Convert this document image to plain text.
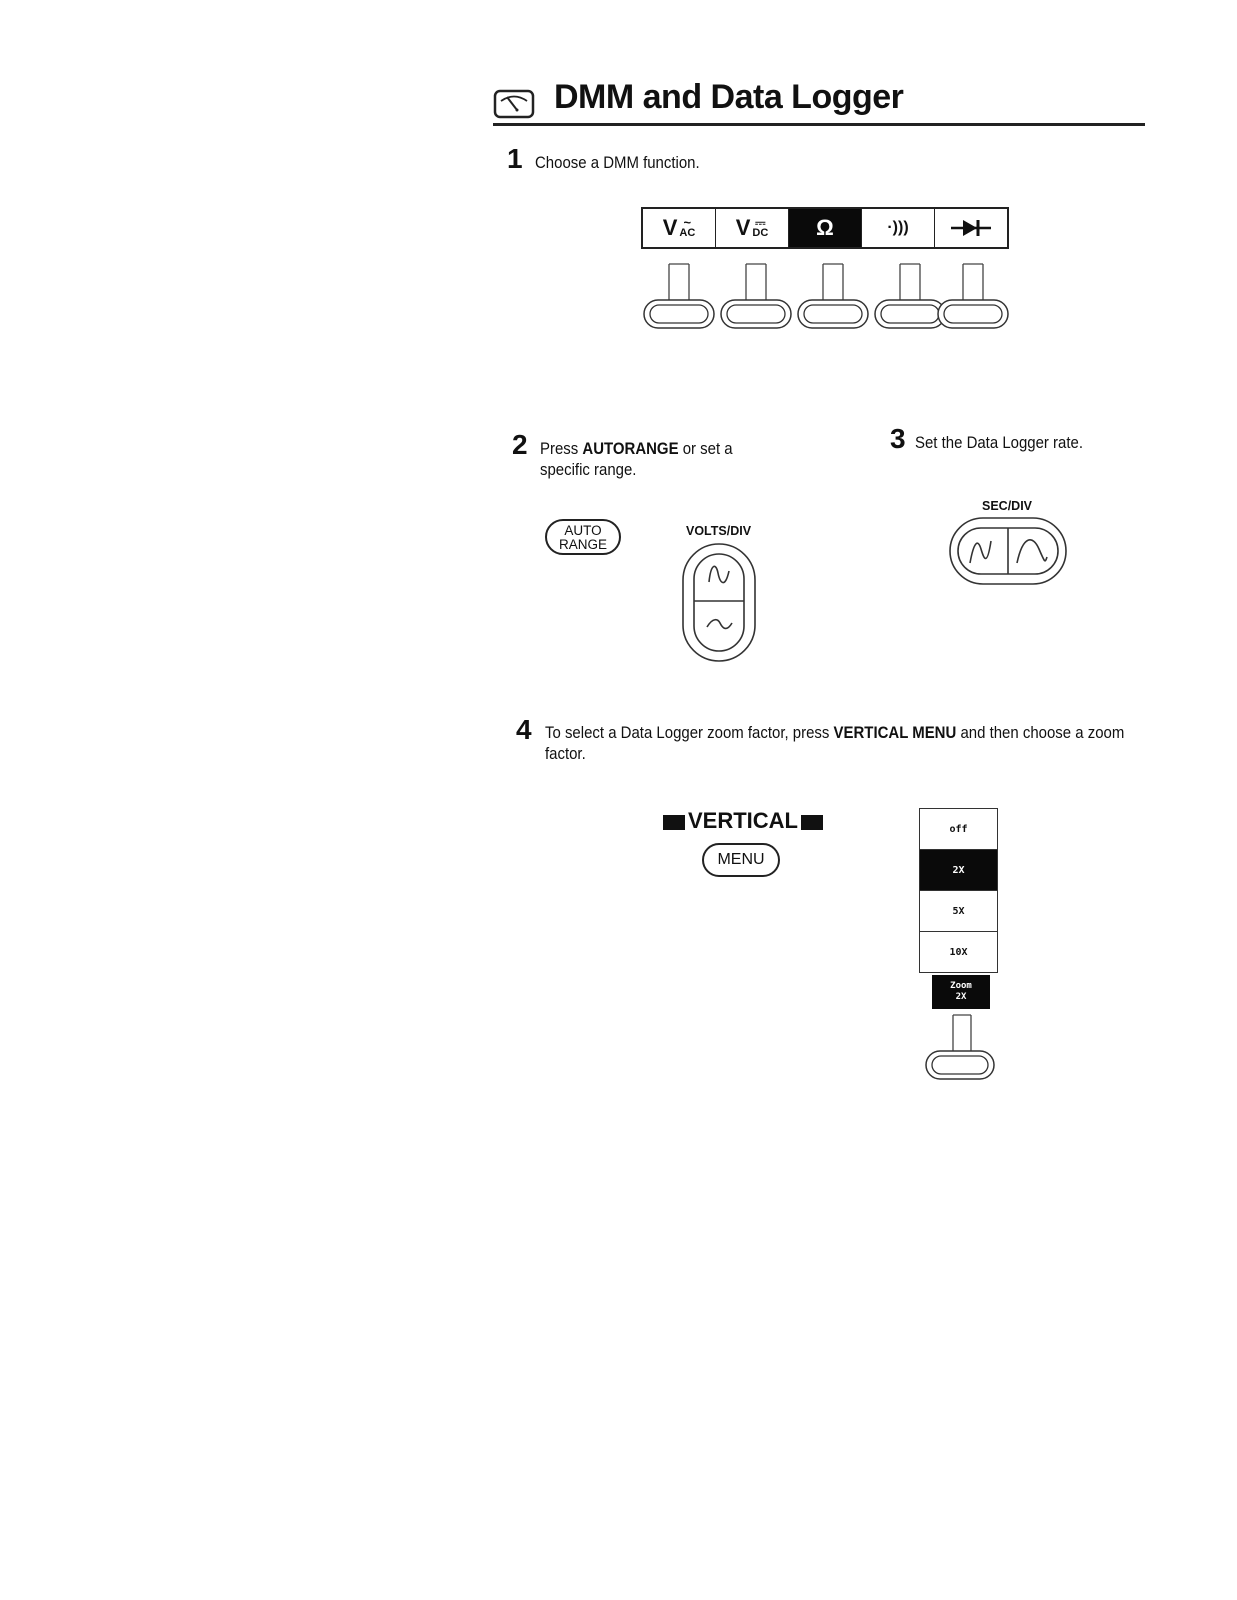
DMM and Data Logger
1 Choose a DMM function.
V ~
AC V ⎓
DC Ω	·)))
2 Press AUTORANGE or set a specific range.
AUTO
RANGE
VOLTS/DIV
3 Set the Data Logger rate.
SEC/DIV
4 To select a Data Logger zoom factor, press VERTICAL MENU and then choose a zoom factor.
VERTICAL
MENU
off
2X
5X
10X
Zoom
2X
